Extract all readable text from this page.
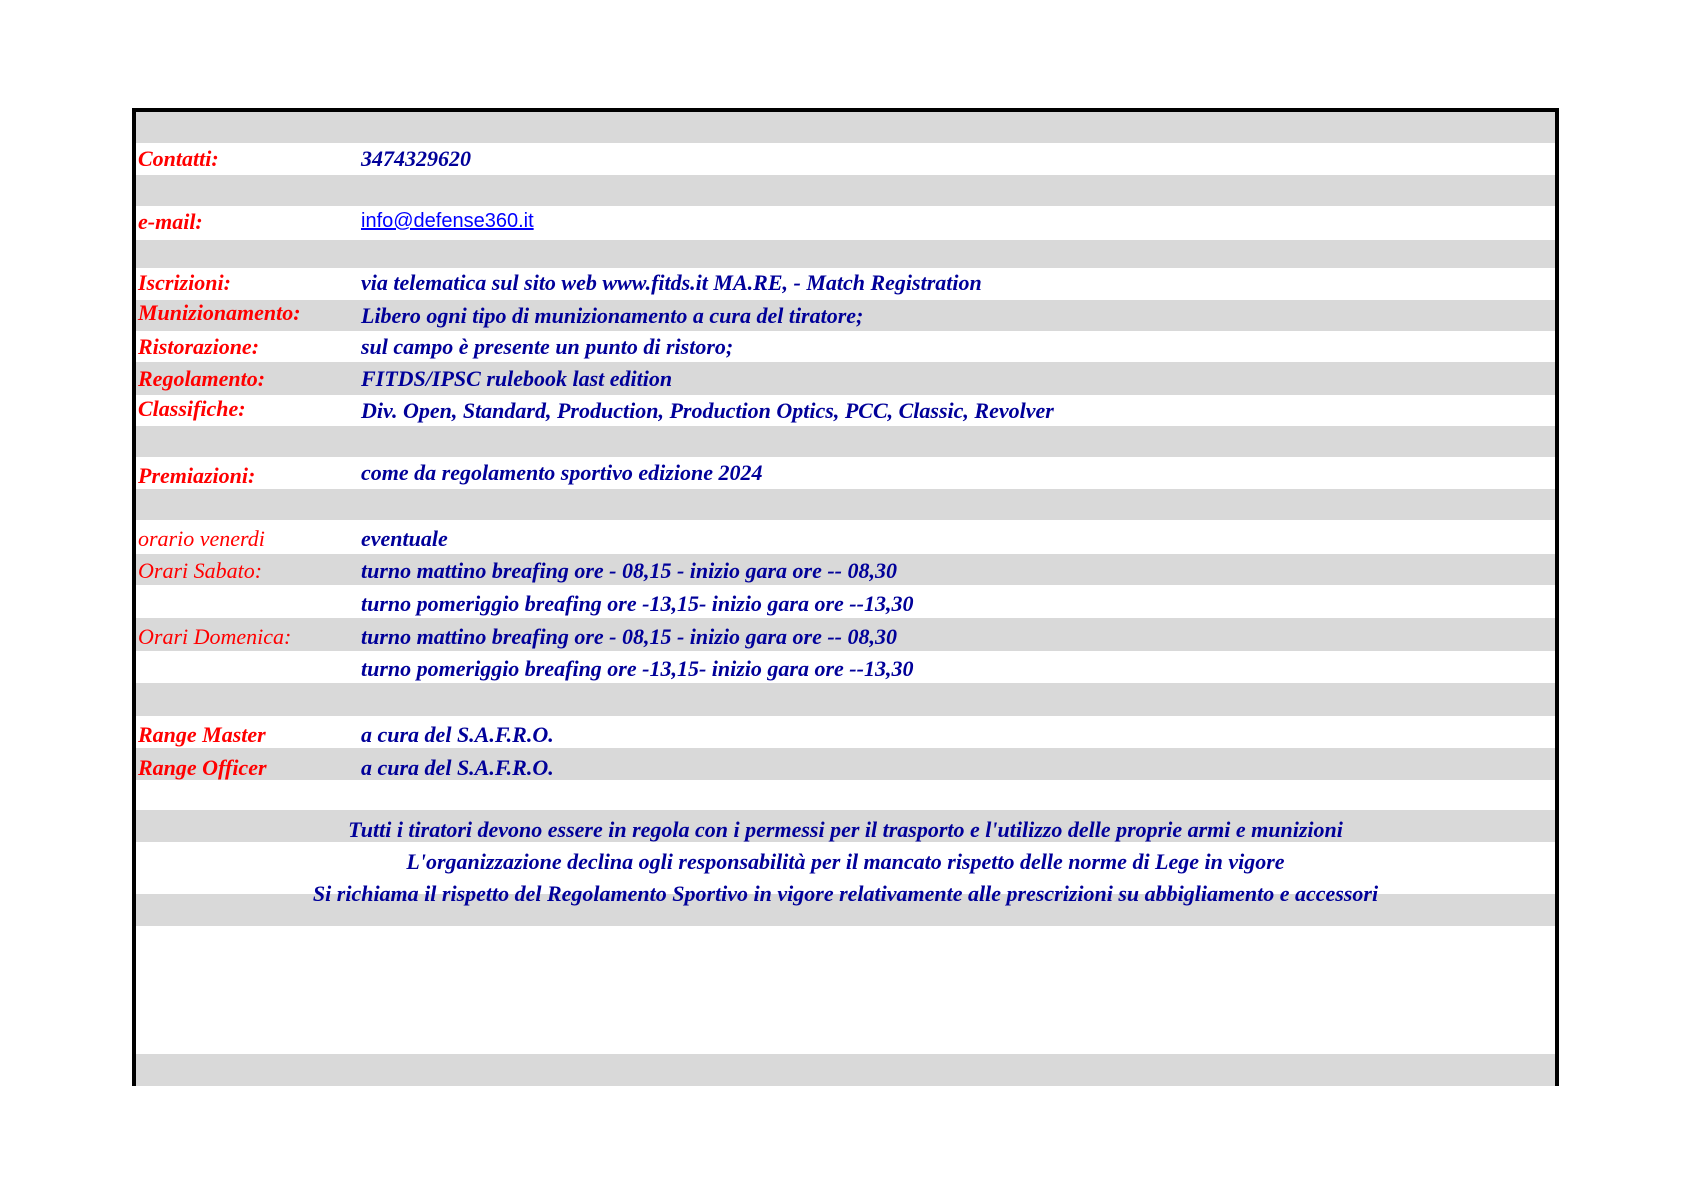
Contatti:	3474329620
e-mail:	info@defense360.it
Iscrizioni:	via telematica sul sito web www.fitds.it MA.RE, - Match Registration
Munizionamento:	Libero ogni tipo di munizionamento a cura del tiratore;
Ristorazione:	sul campo è presente un punto di ristoro;
Regolamento:	FITDS/IPSC rulebook last edition
Classifiche:	Div. Open, Standard, Production, Production Optics, PCC, Classic, Revolver
Premiazioni:	come da regolamento sportivo edizione 2024
orario venerdi	eventuale
Orari Sabato:	turno mattino breafing ore - 08,15 - inizio gara ore -- 08,30
turno pomeriggio breafing ore -13,15- inizio gara ore --13,30
Orari Domenica:	turno mattino breafing ore - 08,15 - inizio gara ore -- 08,30
turno pomeriggio breafing ore -13,15- inizio gara ore --13,30
Range Master	a cura del S.A.F.R.O.
Range Officer	a cura del S.A.F.R.O.
Tutti i tiratori devono essere in regola con i permessi per il trasporto e l'utilizzo delle proprie armi e munizioni
L'organizzazione declina ogli responsabilità per il mancato rispetto delle norme di Lege in vigore
Si richiama il rispetto del Regolamento Sportivo in vigore relativamente alle prescrizioni su abbigliamento e accessori
